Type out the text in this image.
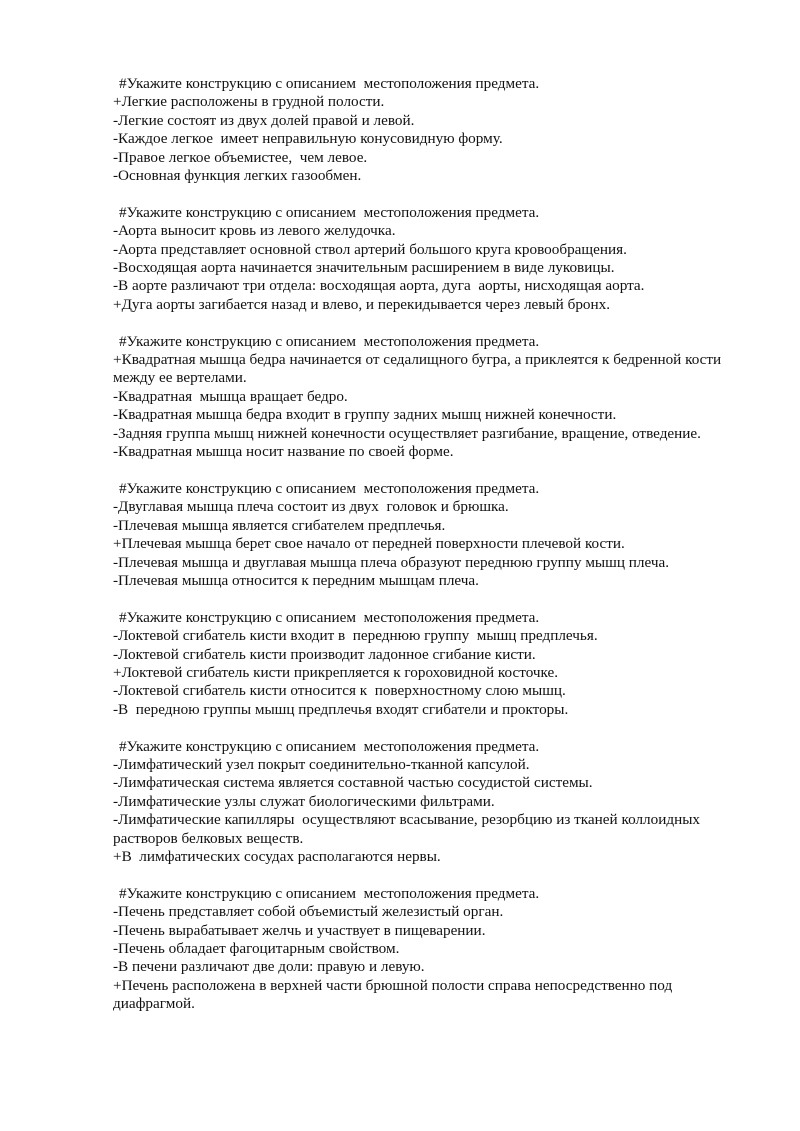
#Укажите конструкцию с описанием  местоположения предмета.

+Легкие расположены в грудной полости.

-Легкие состоят из двух долей правой и левой.

-Каждое легкое  имеет неправильную конусовидную форму.

-Правое легкое объемистее,  чем левое.

-Основная функция легких газообмен.

#Укажите конструкцию с описанием  местоположения предмета.

-Аорта выносит кровь из левого желудочка.

-Аорта представляет основной ствол артерий большого круга кровообращения.

-Восходящая аорта начинается значительным расширением в виде луковицы.

-В аорте различают три отдела: восходящая аорта, дуга  аорты, нисходящая аорта.

+Дуга аорты загибается назад и влево, и перекидывается через левый бронх.

#Укажите конструкцию с описанием  местоположения предмета.

+Квадратная мышца бедра начинается от седалищного бугра, а приклеятся к бедренной кости между ее вертелами.

-Квадратная  мышца вращает бедро.

-Квадратная мышца бедра входит в группу задних мышц нижней конечности.

-Задняя группа мышц нижней конечности осуществляет разгибание, вращение, отведение.

-Квадратная мышца носит название по своей форме.

#Укажите конструкцию с описанием  местоположения предмета.

-Двуглавая мышца плеча состоит из двух  головок и брюшка.

-Плечевая мышца является сгибателем предплечья.

+Плечевая мышца берет свое начало от передней поверхности плечевой кости.

-Плечевая мышца и двуглавая мышца плеча образуют переднюю группу мышц плеча.

-Плечевая мышца относится к передним мышцам плеча.

#Укажите конструкцию с описанием  местоположения предмета.

-Локтевой сгибатель кисти входит в  переднюю группу  мышц предплечья.

-Локтевой сгибатель кисти производит ладонное сгибание кисти.

+Локтевой сгибатель кисти прикрепляется к гороховидной косточке.

-Локтевой сгибатель кисти относится к  поверхностному слою мышц.

-В  передною группы мышц предплечья входят сгибатели и прокторы.

#Укажите конструкцию с описанием  местоположения предмета.

-Лимфатический узел покрыт соединительно-тканной капсулой.

-Лимфатическая система является составной частью сосудистой системы.

-Лимфатические узлы служат биологическими фильтрами.

-Лимфатические капилляры  осуществляют всасывание, резорбцию из тканей коллоидных растворов белковых веществ.

+В  лимфатических сосудах располагаются нервы.

#Укажите конструкцию с описанием  местоположения предмета.

-Печень представляет собой объемистый железистый орган.

-Печень вырабатывает желчь и участвует в пищеварении.

-Печень обладает фагоцитарным свойством.

-В печени различают две доли: правую и левую.

+Печень расположена в верхней части брюшной полости справа непосредственно под диафрагмой.
